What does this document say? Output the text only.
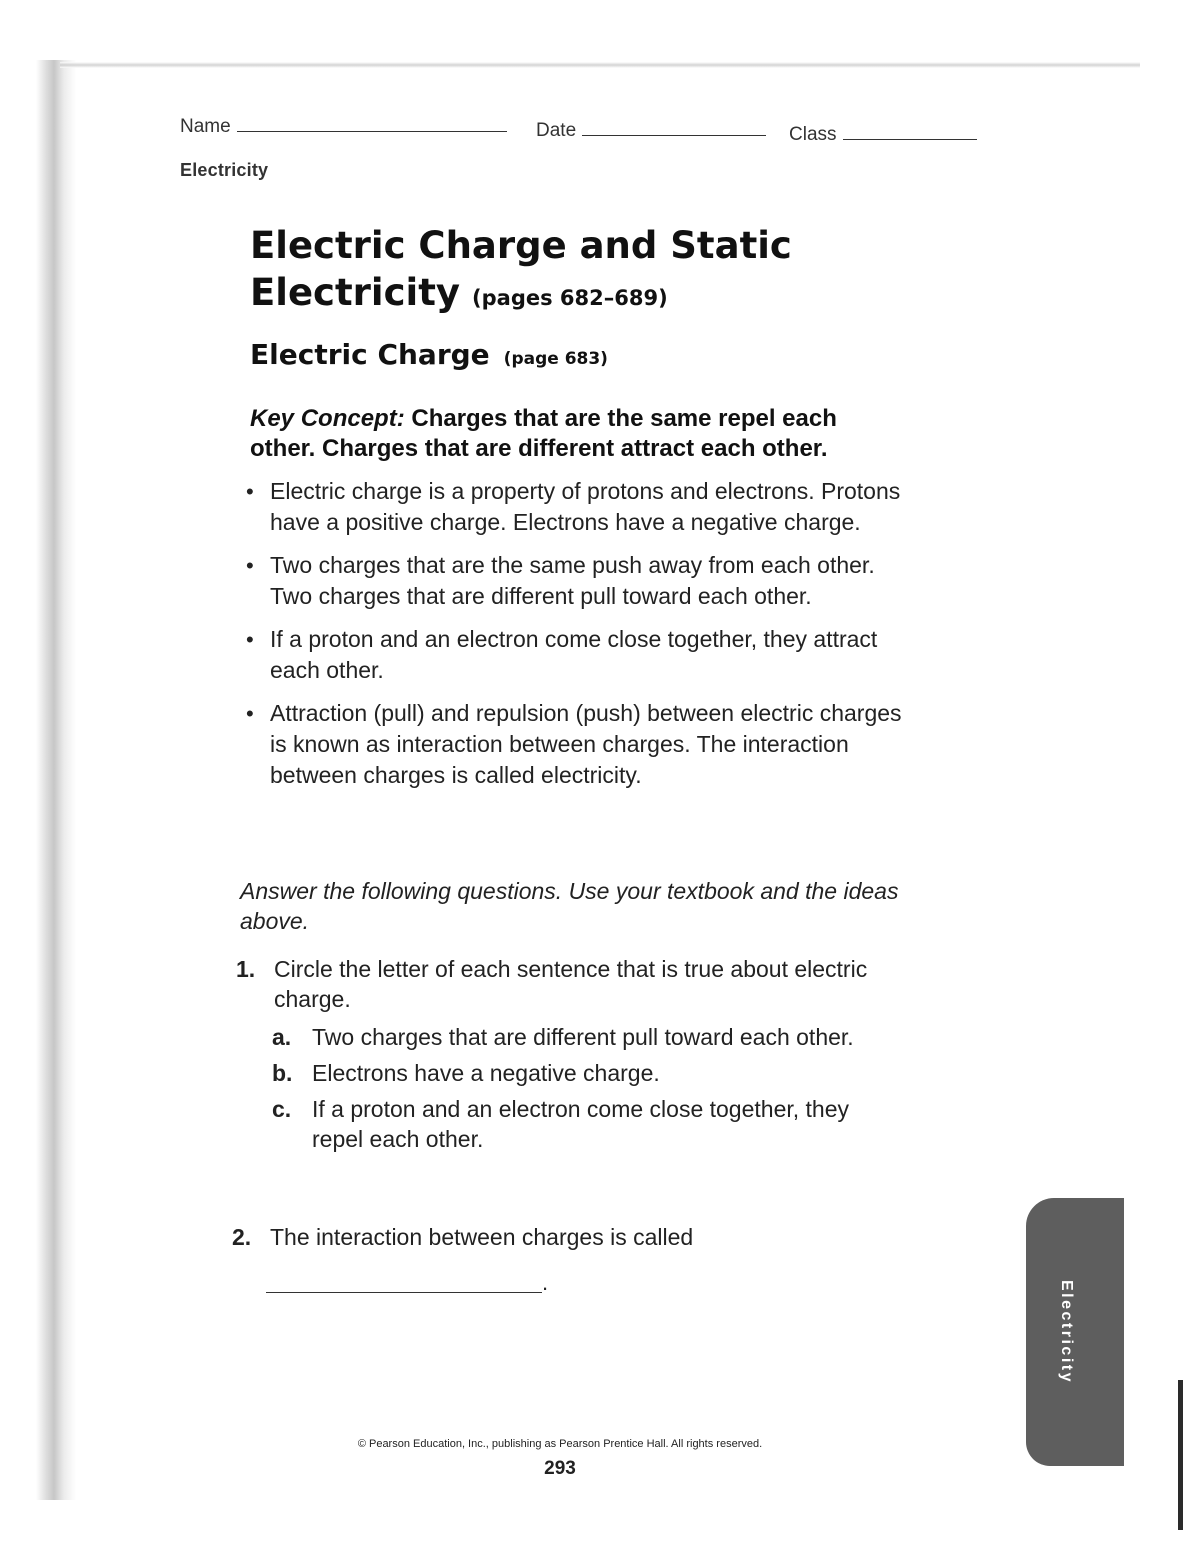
Name	Date	Class
Electricity
Electric Charge and Static Electricity (pages 682–689)
Electric Charge (page 683)

Key Concept: Charges that are the same repel each other. Charges that are different attract each other.

• Electric charge is a property of protons and electrons. Protons have a positive charge. Electrons have a negative charge.
• Two charges that are the same push away from each other. Two charges that are different pull toward each other.
• If a proton and an electron come close together, they attract each other.
• Attraction (pull) and repulsion (push) between electric charges is known as interaction between charges. The interaction between charges is called electricity.

Answer the following questions. Use your textbook and the ideas above.

1. Circle the letter of each sentence that is true about electric charge.
a. Two charges that are different pull toward each other.
b. Electrons have a negative charge.
c. If a proton and an electron come close together, they repel each other.
2. The interaction between charges is called
.	Electricity
© Pearson Education, Inc., publishing as Pearson Prentice Hall. All rights reserved.
293
